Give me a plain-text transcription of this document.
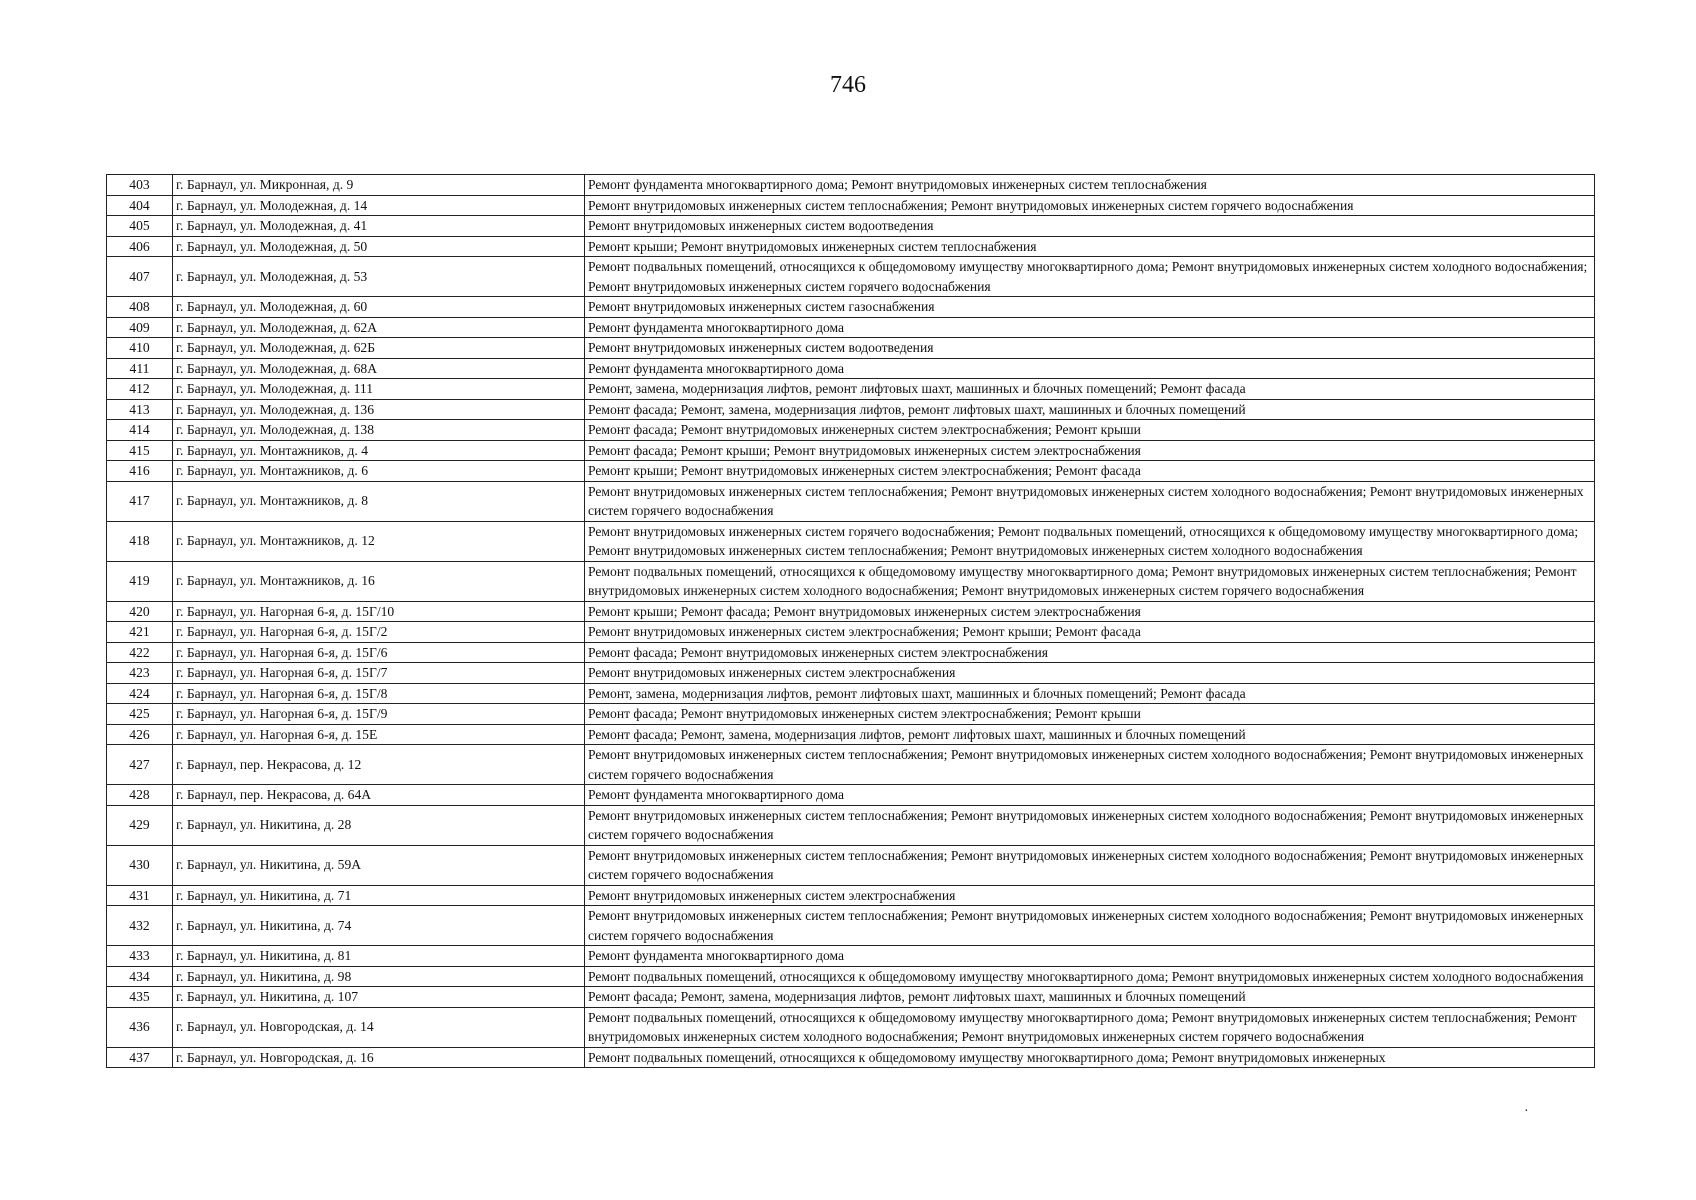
746
403	г. Барнаул, ул. Микронная, д. 9	Ремонт фундамента многоквартирного дома; Ремонт внутридомовых инженерных систем теплоснабжения
404	г. Барнаул, ул. Молодежная, д. 14	Ремонт внутридомовых инженерных систем теплоснабжения; Ремонт внутридомовых инженерных систем горячего водоснабжения
405	г. Барнаул, ул. Молодежная, д. 41	Ремонт внутридомовых инженерных систем водоотведения
406	г. Барнаул, ул. Молодежная, д. 50	Ремонт крыши; Ремонт внутридомовых инженерных систем теплоснабжения
407	г. Барнаул, ул. Молодежная, д. 53	Ремонт подвальных помещений, относящихся к общедомовому имуществу многоквартирного дома; Ремонт внутридомовых инженерных систем холодного водоснабжения; Ремонт внутридомовых инженерных систем горячего водоснабжения
408	г. Барнаул, ул. Молодежная, д. 60	Ремонт внутридомовых инженерных систем газоснабжения
409	г. Барнаул, ул. Молодежная, д. 62А	Ремонт фундамента многоквартирного дома
410	г. Барнаул, ул. Молодежная, д. 62Б	Ремонт внутридомовых инженерных систем водоотведения
411	г. Барнаул, ул. Молодежная, д. 68А	Ремонт фундамента многоквартирного дома
412	г. Барнаул, ул. Молодежная, д. 111	Ремонт, замена, модернизация лифтов, ремонт лифтовых шахт, машинных и блочных помещений; Ремонт фасада
413	г. Барнаул, ул. Молодежная, д. 136	Ремонт фасада; Ремонт, замена, модернизация лифтов, ремонт лифтовых шахт, машинных и блочных помещений
414	г. Барнаул, ул. Молодежная, д. 138	Ремонт фасада; Ремонт внутридомовых инженерных систем электроснабжения; Ремонт крыши
415	г. Барнаул, ул. Монтажников, д. 4	Ремонт фасада; Ремонт крыши; Ремонт внутридомовых инженерных систем электроснабжения
416	г. Барнаул, ул. Монтажников, д. 6	Ремонт крыши; Ремонт внутридомовых инженерных систем электроснабжения; Ремонт фасада
417	г. Барнаул, ул. Монтажников, д. 8	Ремонт внутридомовых инженерных систем теплоснабжения; Ремонт внутридомовых инженерных систем холодного водоснабжения; Ремонт внутридомовых инженерных систем горячего водоснабжения
418	г. Барнаул, ул. Монтажников, д. 12	Ремонт внутридомовых инженерных систем горячего водоснабжения; Ремонт подвальных помещений, относящихся к общедомовому имуществу многоквартирного дома; Ремонт внутридомовых инженерных систем теплоснабжения; Ремонт внутридомовых инженерных систем холодного водоснабжения
419	г. Барнаул, ул. Монтажников, д. 16	Ремонт подвальных помещений, относящихся к общедомовому имуществу многоквартирного дома; Ремонт внутридомовых инженерных систем теплоснабжения; Ремонт внутридомовых инженерных систем холодного водоснабжения; Ремонт внутридомовых инженерных систем горячего водоснабжения
420	г. Барнаул, ул. Нагорная 6-я, д. 15Г/10	Ремонт крыши; Ремонт фасада; Ремонт внутридомовых инженерных систем электроснабжения
421	г. Барнаул, ул. Нагорная 6-я, д. 15Г/2	Ремонт внутридомовых инженерных систем электроснабжения; Ремонт крыши; Ремонт фасада
422	г. Барнаул, ул. Нагорная 6-я, д. 15Г/6	Ремонт фасада; Ремонт внутридомовых инженерных систем электроснабжения
423	г. Барнаул, ул. Нагорная 6-я, д. 15Г/7	Ремонт внутридомовых инженерных систем электроснабжения
424	г. Барнаул, ул. Нагорная 6-я, д. 15Г/8	Ремонт, замена, модернизация лифтов, ремонт лифтовых шахт, машинных и блочных помещений; Ремонт фасада
425	г. Барнаул, ул. Нагорная 6-я, д. 15Г/9	Ремонт фасада; Ремонт внутридомовых инженерных систем электроснабжения; Ремонт крыши
426	г. Барнаул, ул. Нагорная 6-я, д. 15Е	Ремонт фасада; Ремонт, замена, модернизация лифтов, ремонт лифтовых шахт, машинных и блочных помещений
427	г. Барнаул, пер. Некрасова, д. 12	Ремонт внутридомовых инженерных систем теплоснабжения; Ремонт внутридомовых инженерных систем холодного водоснабжения; Ремонт внутридомовых инженерных систем горячего водоснабжения
428	г. Барнаул, пер. Некрасова, д. 64А	Ремонт фундамента многоквартирного дома
429	г. Барнаул, ул. Никитина, д. 28	Ремонт внутридомовых инженерных систем теплоснабжения; Ремонт внутридомовых инженерных систем холодного водоснабжения; Ремонт внутридомовых инженерных систем горячего водоснабжения
430	г. Барнаул, ул. Никитина, д. 59А	Ремонт внутридомовых инженерных систем теплоснабжения; Ремонт внутридомовых инженерных систем холодного водоснабжения; Ремонт внутридомовых инженерных систем горячего водоснабжения
431	г. Барнаул, ул. Никитина, д. 71	Ремонт внутридомовых инженерных систем электроснабжения
432	г. Барнаул, ул. Никитина, д. 74	Ремонт внутридомовых инженерных систем теплоснабжения; Ремонт внутридомовых инженерных систем холодного водоснабжения; Ремонт внутридомовых инженерных систем горячего водоснабжения
433	г. Барнаул, ул. Никитина, д. 81	Ремонт фундамента многоквартирного дома
434	г. Барнаул, ул. Никитина, д. 98	Ремонт подвальных помещений, относящихся к общедомовому имуществу многоквартирного дома; Ремонт внутридомовых инженерных систем холодного водоснабжения
435	г. Барнаул, ул. Никитина, д. 107	Ремонт фасада; Ремонт, замена, модернизация лифтов, ремонт лифтовых шахт, машинных и блочных помещений
436	г. Барнаул, ул. Новгородская, д. 14	Ремонт подвальных помещений, относящихся к общедомовому имуществу многоквартирного дома; Ремонт внутридомовых инженерных систем теплоснабжения; Ремонт внутридомовых инженерных систем холодного водоснабжения; Ремонт внутридомовых инженерных систем горячего водоснабжения
437	г. Барнаул, ул. Новгородская, д. 16	Ремонт подвальных помещений, относящихся к общедомовому имуществу многоквартирного дома; Ремонт внутридомовых инженерных
·
